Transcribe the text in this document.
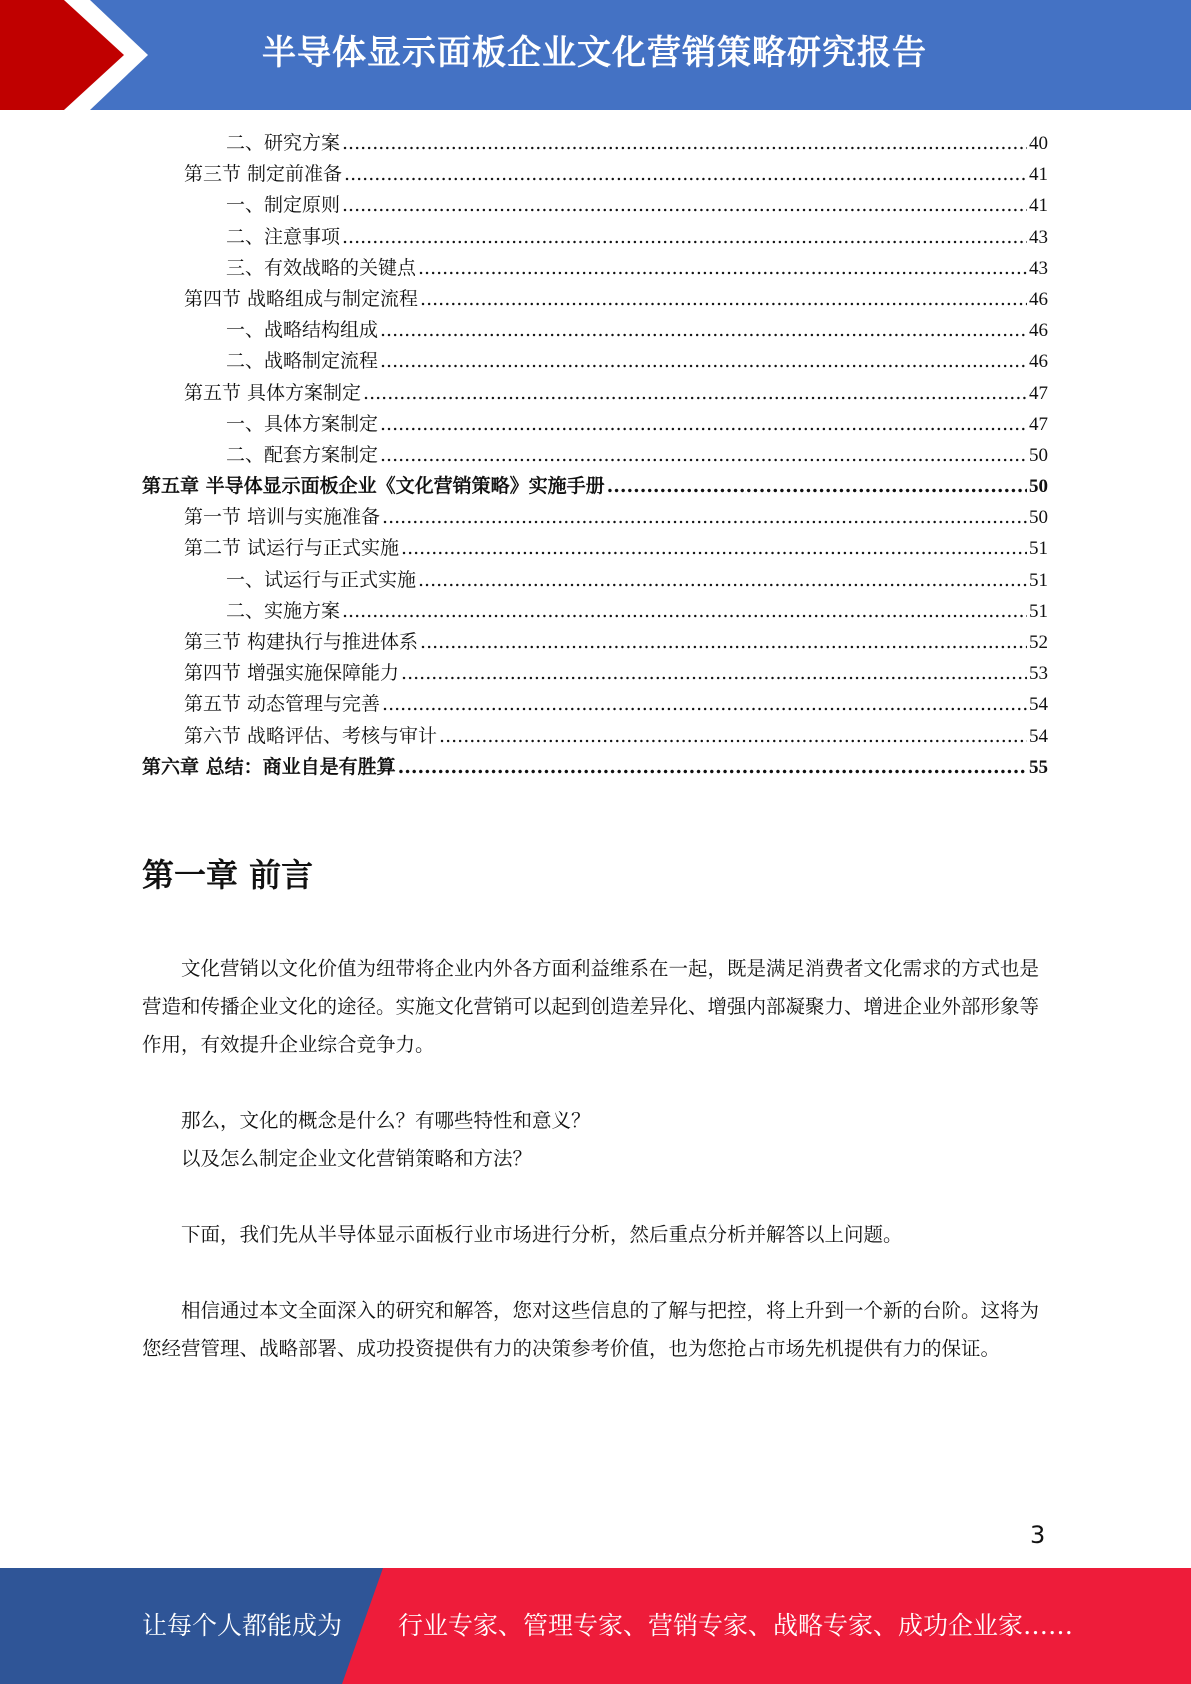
半导体显示面板企业文化营销策略研究报告
二、研究方案 .....	40
第三节 制定前准备 .....	41
一、制定原则 .....	41
二、注意事项 .....	43
三、有效战略的关键点 .....	43
第四节 战略组成与制定流程 .....	46
一、战略结构组成 .....	46
二、战略制定流程 .....	46
第五节 具体方案制定 .....	47
一、具体方案制定 .....	47
二、配套方案制定 .....	50
第五章 半导体显示面板企业《文化营销策略》实施手册 .....	50
第一节 培训与实施准备 .....	50
第二节 试运行与正式实施 .....	51
一、试运行与正式实施 .....	51
二、实施方案 .....	51
第三节 构建执行与推进体系 .....	52
第四节 增强实施保障能力 .....	53
第五节 动态管理与完善 .....	54
第六节 战略评估、考核与审计 .....	54
第六章 总结：商业自是有胜算 .....	55
第一章 前言
文化营销以文化价值为纽带将企业内外各方面利益维系在一起，既是满足消费者文化需求的方式也是营造和传播企业文化的途径。实施文化营销可以起到创造差异化、增强内部凝聚力、增进企业外部形象等作用，有效提升企业综合竞争力。
那么，文化的概念是什么？有哪些特性和意义？
以及怎么制定企业文化营销策略和方法？
下面，我们先从半导体显示面板行业市场进行分析，然后重点分析并解答以上问题。
相信通过本文全面深入的研究和解答，您对这些信息的了解与把控，将上升到一个新的台阶。这将为您经营管理、战略部署、成功投资提供有力的决策参考价值，也为您抢占市场先机提供有力的保证。
3
让每个人都能成为 行业专家、管理专家、营销专家、战略专家、成功企业家……
